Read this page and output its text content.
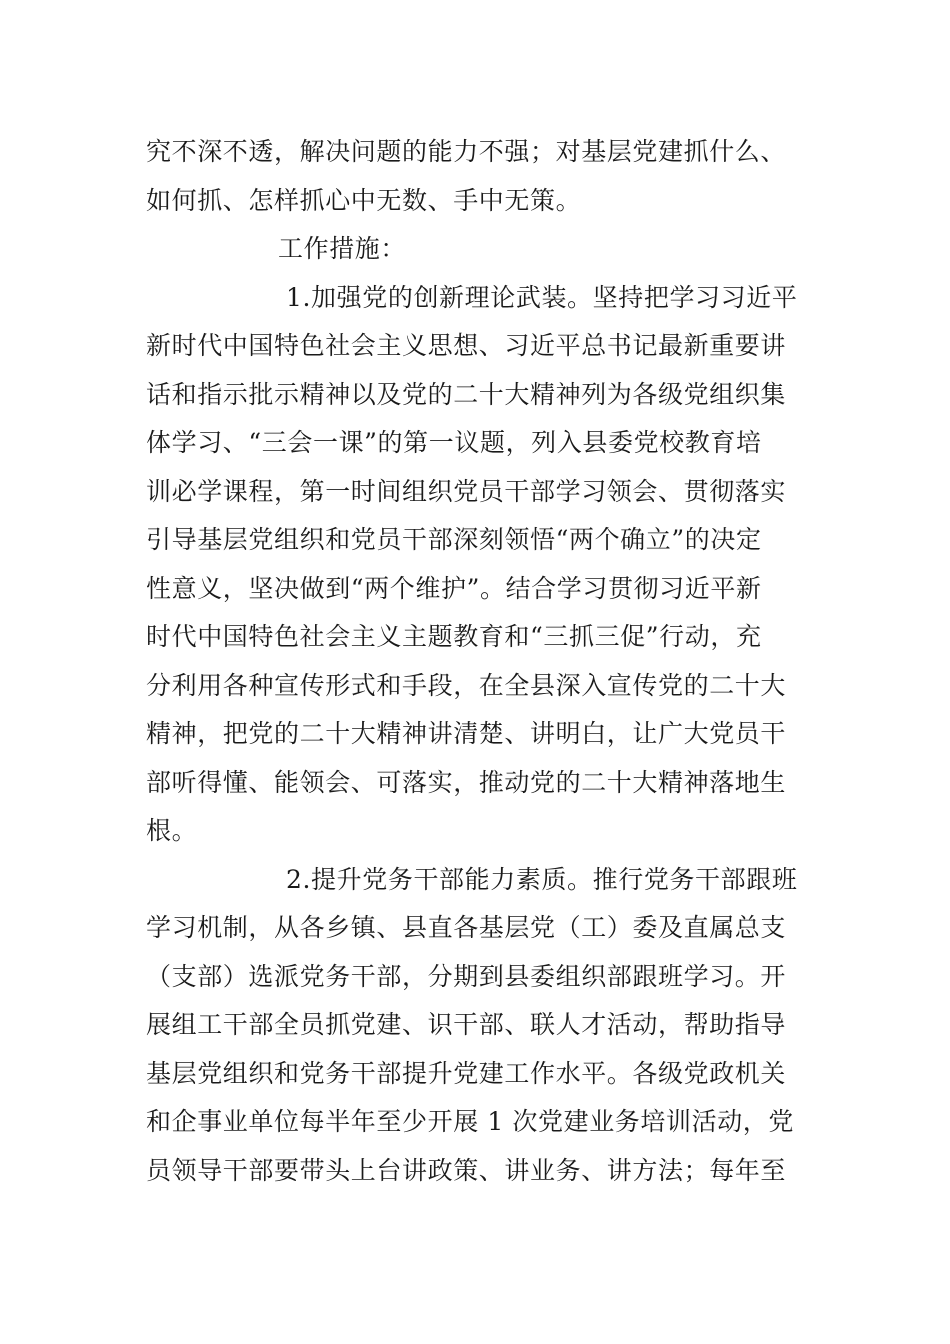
究不深不透，解决问题的能力不强；对基层党建抓什么、
如何抓、怎样抓心中无数、手中无策。
工作措施：
1.加强党的创新理论武装。坚持把学习习近平
新时代中国特色社会主义思想、习近平总书记最新重要讲
话和指示批示精神以及党的二十大精神列为各级党组织集
体学习、“三会一课”的第一议题，列入县委党校教育培
训必学课程，第一时间组织党员干部学习领会、贯彻落实
引导基层党组织和党员干部深刻领悟“两个确立”的决定
性意义，坚决做到“两个维护”。结合学习贯彻习近平新
时代中国特色社会主义主题教育和“三抓三促”行动，充
分利用各种宣传形式和手段，在全县深入宣传党的二十大
精神，把党的二十大精神讲清楚、讲明白，让广大党员干
部听得懂、能领会、可落实，推动党的二十大精神落地生
根。
2.提升党务干部能力素质。推行党务干部跟班
学习机制，从各乡镇、县直各基层党（工）委及直属总支
（支部）选派党务干部，分期到县委组织部跟班学习。开
展组工干部全员抓党建、识干部、联人才活动，帮助指导
基层党组织和党务干部提升党建工作水平。各级党政机关
和企事业单位每半年至少开展 1 次党建业务培训活动，党
员领导干部要带头上台讲政策、讲业务、讲方法；每年至
